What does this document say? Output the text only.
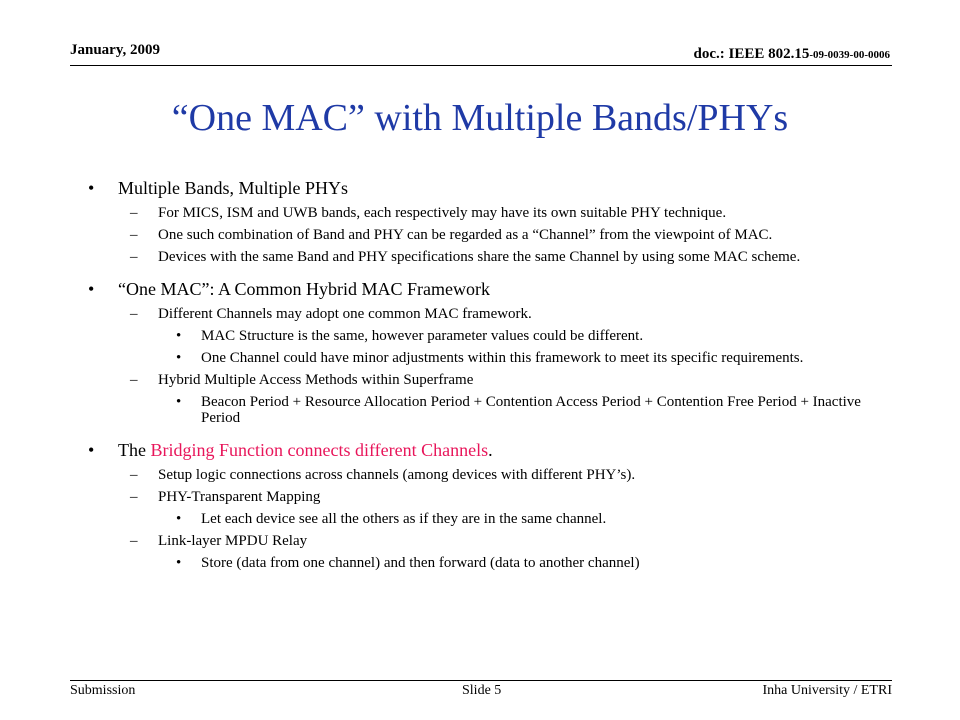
January, 2009	doc.: IEEE 802.15-09-0039-00-0006
“One MAC” with Multiple Bands/PHYs
• Multiple Bands, Multiple PHYs
– For MICS, ISM and UWB bands, each respectively may have its own suitable PHY technique.
– One such combination of Band and PHY can be regarded as a “Channel” from the viewpoint of MAC.
– Devices with the same Band and PHY specifications share the same Channel by using some MAC scheme.
• “One MAC”: A Common Hybrid MAC Framework
– Different Channels may adopt one common MAC framework.
• MAC Structure is the same, however parameter values could be different.
• One Channel could have minor adjustments within this framework to meet its specific requirements.
– Hybrid Multiple Access Methods within Superframe
• Beacon Period + Resource Allocation Period + Contention Access Period + Contention Free Period + Inactive Period
• The Bridging Function connects different Channels.
– Setup logic connections across channels (among devices with different PHY’s).
– PHY-Transparent Mapping
• Let each device see all the others as if they are in the same channel.
– Link-layer MPDU Relay
• Store (data from one channel) and then forward (data to another channel)
Submission	Slide 5	Inha University / ETRI
